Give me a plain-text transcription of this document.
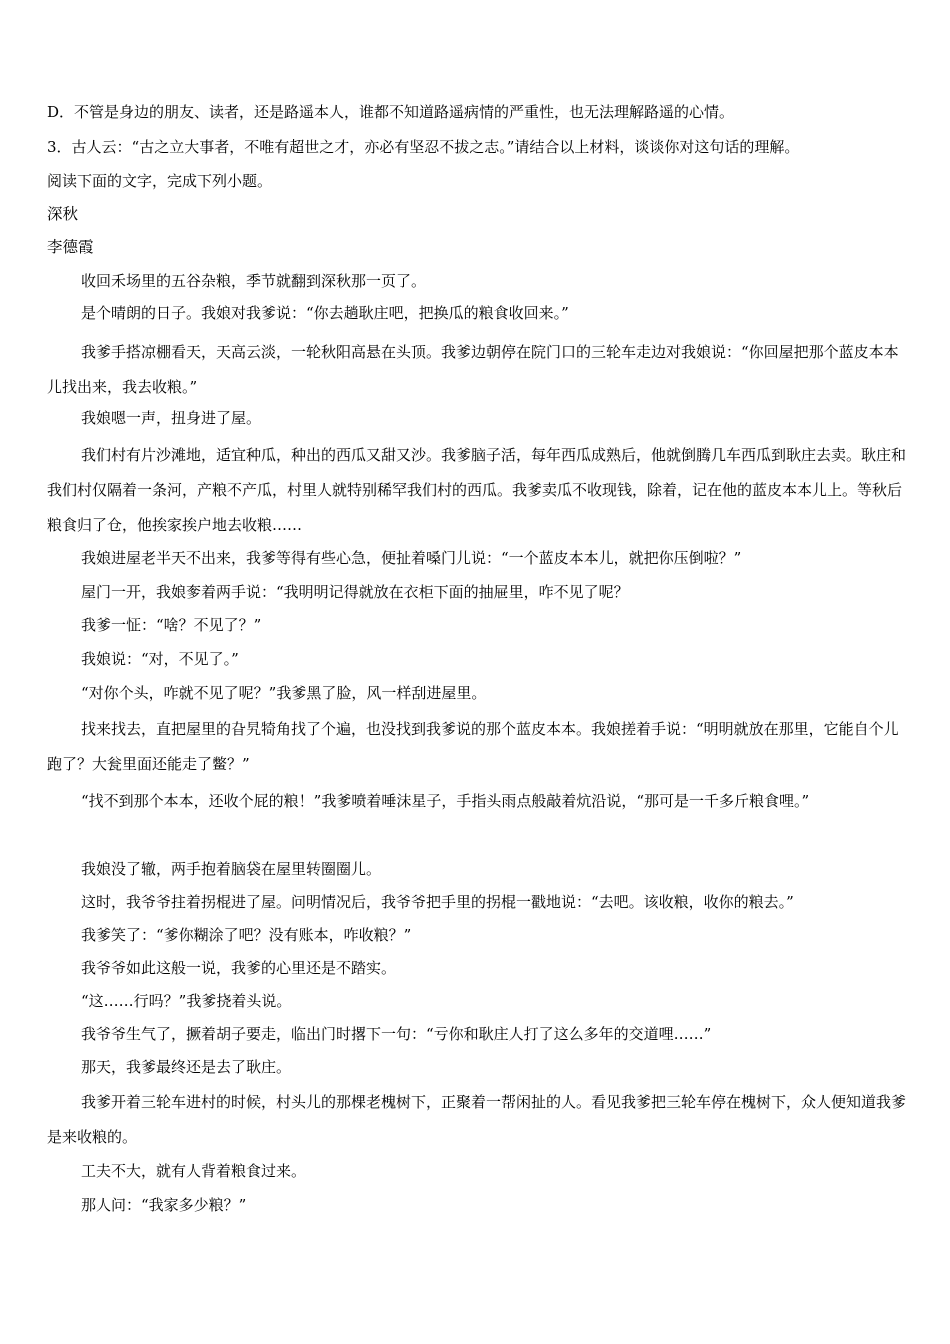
D．不管是身边的朋友、读者，还是路遥本人，谁都不知道路遥病情的严重性，也无法理解路遥的心情。
3．古人云：“古之立大事者，不唯有超世之才，亦必有坚忍不拔之志。”请结合以上材料，谈谈你对这句话的理解。
阅读下面的文字，完成下列小题。
深秋
李德霞
收回禾场里的五谷杂粮，季节就翻到深秋那一页了。
是个晴朗的日子。我娘对我爹说：“你去趟耿庄吧，把换瓜的粮食收回来。”
我爹手搭凉棚看天，天高云淡，一轮秋阳高悬在头顶。我爹边朝停在院门口的三轮车走边对我娘说：“你回屋把那个蓝皮本本儿找出来，我去收粮。”
我娘嗯一声，扭身进了屋。
我们村有片沙滩地，适宜种瓜，种出的西瓜又甜又沙。我爹脑子活，每年西瓜成熟后，他就倒腾几车西瓜到耿庄去卖。耿庄和我们村仅隔着一条河，产粮不产瓜，村里人就特别稀罕我们村的西瓜。我爹卖瓜不收现钱，除着，记在他的蓝皮本本儿上。等秋后粮食归了仓，他挨家挨户地去收粮……
我娘进屋老半天不出来，我爹等得有些心急，便扯着嗓门儿说：“一个蓝皮本本儿，就把你压倒啦？”
屋门一开，我娘奓着两手说：“我明明记得就放在衣柜下面的抽屉里，咋不见了呢？
我爹一怔：“啥？不见了？”
我娘说：“对，不见了。”
“对你个头，咋就不见了呢？”我爹黑了脸，风一样刮进屋里。
找来找去，直把屋里的旮旯犄角找了个遍，也没找到我爹说的那个蓝皮本本。我娘搓着手说：“明明就放在那里，它能自个儿跑了？大瓮里面还能走了鳖？”
“找不到那个本本，还收个屁的粮！”我爹喷着唾沫星子，手指头雨点般敲着炕沿说，“那可是一千多斤粮食哩。”
我娘没了辙，两手抱着脑袋在屋里转圈圈儿。
这时，我爷爷拄着拐棍进了屋。问明情况后，我爷爷把手里的拐棍一戳地说：“去吧。该收粮，收你的粮去。”
我爹笑了：“爹你糊涂了吧？没有账本，咋收粮？”
我爷爷如此这般一说，我爹的心里还是不踏实。
“这……行吗？”我爹挠着头说。
我爷爷生气了，撅着胡子要走，临出门时撂下一句：“亏你和耿庄人打了这么多年的交道哩……”
那天，我爹最终还是去了耿庄。
我爹开着三轮车进村的时候，村头儿的那棵老槐树下，正聚着一帮闲扯的人。看见我爹把三轮车停在槐树下，众人便知道我爹是来收粮的。
工夫不大，就有人背着粮食过来。
那人问：“我家多少粮？”
